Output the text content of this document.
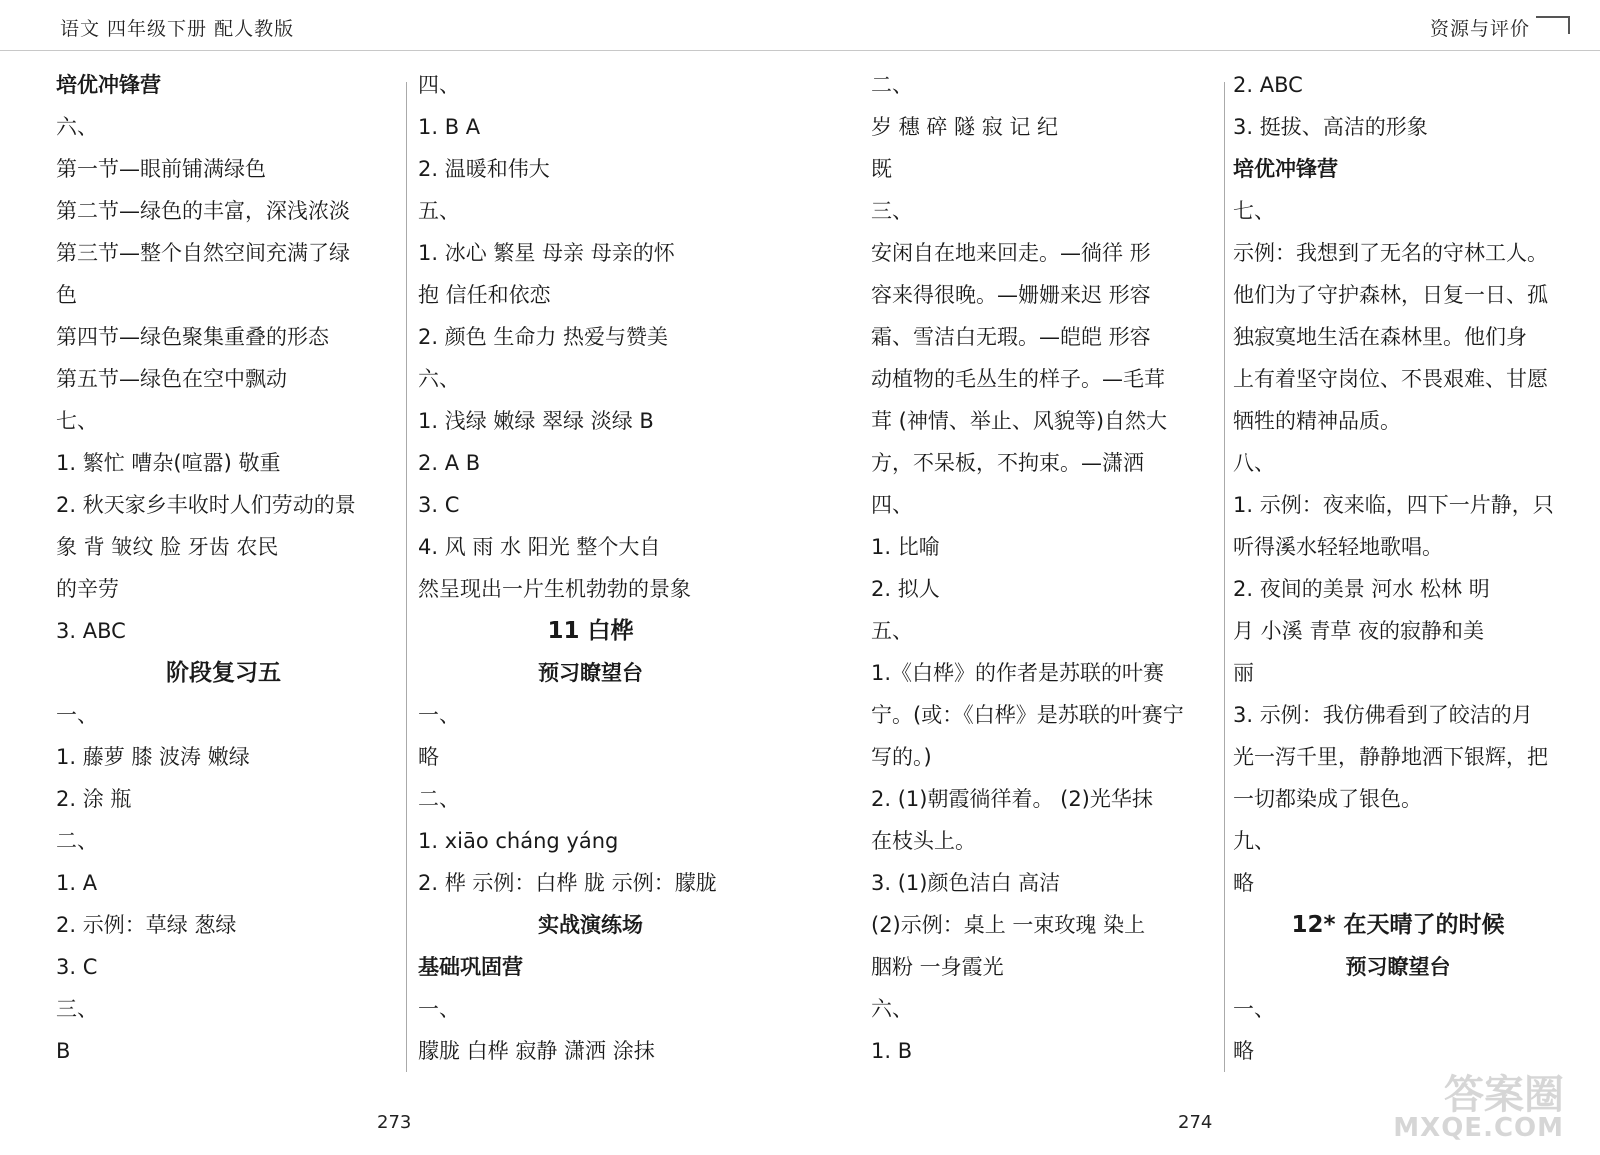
语文 四年级下册 配人教版	资源与评价

培优冲锋营

六、

第一节—眼前铺满绿色

第二节—绿色的丰富，深浅浓淡

第三节—整个自然空间充满了绿

色

第四节—绿色聚集重叠的形态

第五节—绿色在空中飘动

七、

1. 繁忙 嘈杂(喧嚣) 敬重

2. 秋天家乡丰收时人们劳动的景

象 背 皱纹 脸 牙齿 农民

的辛劳

3. ABC

阶段复习五

一、

1. 藤萝 膝 波涛 嫩绿

2. 涂 瓶

二、

1. A

2. 示例：草绿 葱绿

3. C

三、

B

四、

1. B A

2. 温暖和伟大

五、

1. 冰心 繁星 母亲 母亲的怀

抱 信任和依恋

2. 颜色 生命力 热爱与赞美

六、

1. 浅绿 嫩绿 翠绿 淡绿 B

2. A B

3. C

4. 风 雨 水 阳光 整个大自

然呈现出一片生机勃勃的景象

11 白桦

预习瞭望台

一、

略

二、

1. xiāo cháng yáng

2. 桦 示例：白桦 胧 示例：朦胧

实战演练场

基础巩固营

一、

朦胧 白桦 寂静 潇洒 涂抹

二、

岁 穗 碎 隧 寂 记 纪

既

三、

安闲自在地来回走。—徜徉 形

容来得很晚。—姗姗来迟 形容

霜、雪洁白无瑕。—皑皑 形容

动植物的毛丛生的样子。—毛茸

茸 (神情、举止、风貌等)自然大

方，不呆板，不拘束。—潇洒

四、

1. 比喻

2. 拟人

五、

1.《白桦》的作者是苏联的叶赛

宁。(或：《白桦》是苏联的叶赛宁

写的。)

2. (1)朝霞徜徉着。 (2)光华抹

在枝头上。

3. (1)颜色洁白 高洁

(2)示例：桌上 一束玫瑰 染上

胭粉 一身霞光

六、

1. B

2. ABC

3. 挺拔、高洁的形象

培优冲锋营

七、

示例：我想到了无名的守林工人。

他们为了守护森林，日复一日、孤

独寂寞地生活在森林里。他们身

上有着坚守岗位、不畏艰难、甘愿

牺牲的精神品质。

八、

1. 示例：夜来临，四下一片静，只

听得溪水轻轻地歌唱。

2. 夜间的美景 河水 松林 明

月 小溪 青草 夜的寂静和美

丽

3. 示例：我仿佛看到了皎洁的月

光一泻千里，静静地洒下银辉，把

一切都染成了银色。

九、

略

12* 在天晴了的时候

预习瞭望台

一、

略

273	274
答案圈
MXQE.COM
